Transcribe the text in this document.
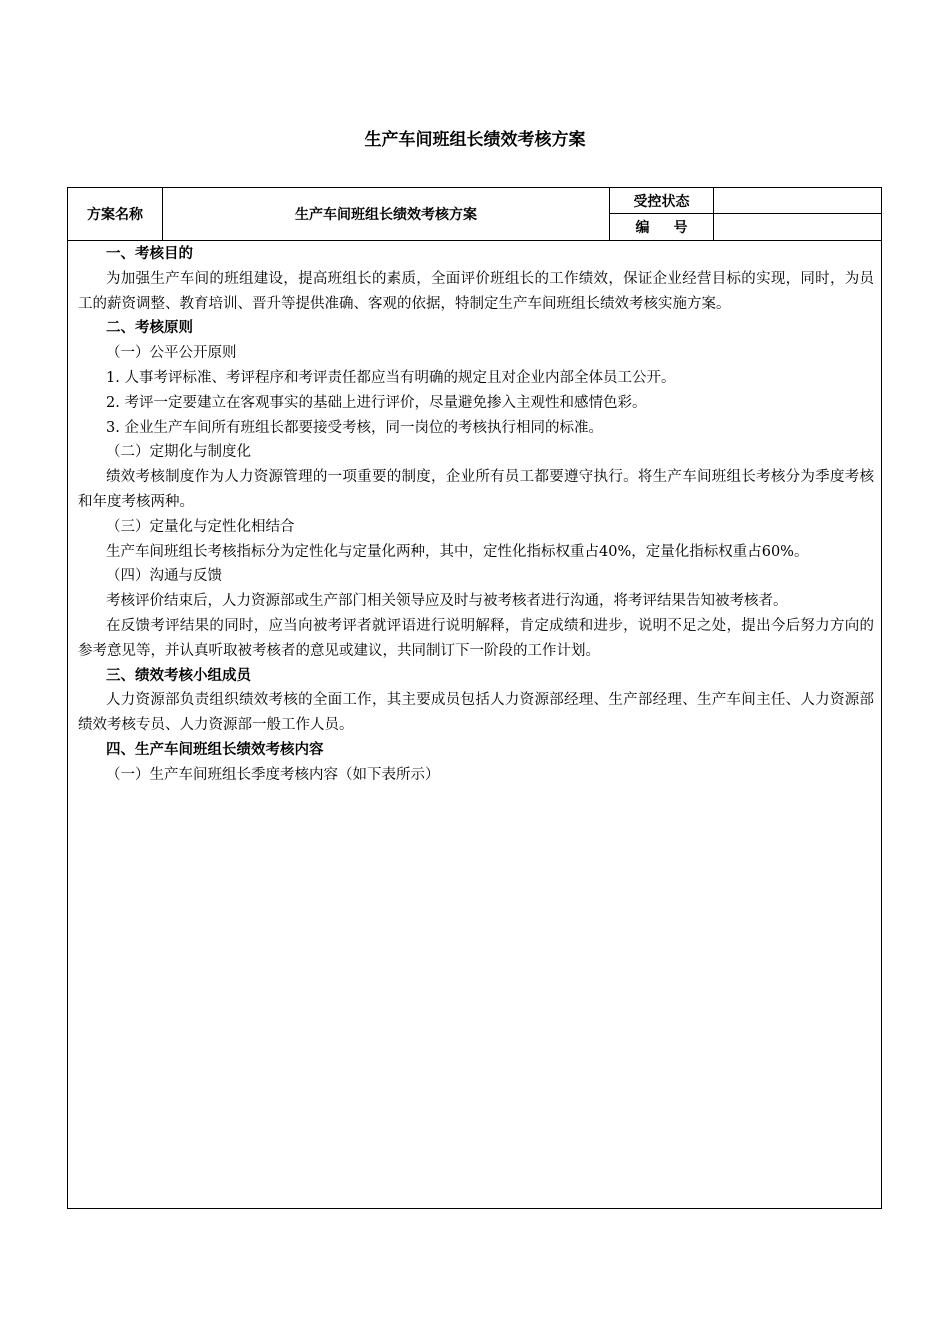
生产车间班组长绩效考核方案
方案名称	生产车间班组长绩效考核方案
受控状态
编号

一、考核目的

为加强生产车间的班组建设，提高班组长的素质，全面评价班组长的工作绩效，保证企业经营目标的实现，同时，为员工的薪资调整、教育培训、晋升等提供准确、客观的依据，特制定生产车间班组长绩效考核实施方案。

二、考核原则

（一）公平公开原则

1. 人事考评标准、考评程序和考评责任都应当有明确的规定且对企业内部全体员工公开。

2. 考评一定要建立在客观事实的基础上进行评价，尽量避免掺入主观性和感情色彩。

3. 企业生产车间所有班组长都要接受考核，同一岗位的考核执行相同的标准。

（二）定期化与制度化

绩效考核制度作为人力资源管理的一项重要的制度，企业所有员工都要遵守执行。将生产车间班组长考核分为季度考核和年度考核两种。

（三）定量化与定性化相结合

生产车间班组长考核指标分为定性化与定量化两种，其中，定性化指标权重占40%，定量化指标权重占60%。

（四）沟通与反馈

考核评价结束后，人力资源部或生产部门相关领导应及时与被考核者进行沟通，将考评结果告知被考核者。

在反馈考评结果的同时，应当向被考评者就评语进行说明解释，肯定成绩和进步，说明不足之处，提出今后努力方向的参考意见等，并认真听取被考核者的意见或建议，共同制订下一阶段的工作计划。

三、绩效考核小组成员

人力资源部负责组织绩效考核的全面工作，其主要成员包括人力资源部经理、生产部经理、生产车间主任、人力资源部绩效考核专员、人力资源部一般工作人员。

四、生产车间班组长绩效考核内容

（一）生产车间班组长季度考核内容（如下表所示）
